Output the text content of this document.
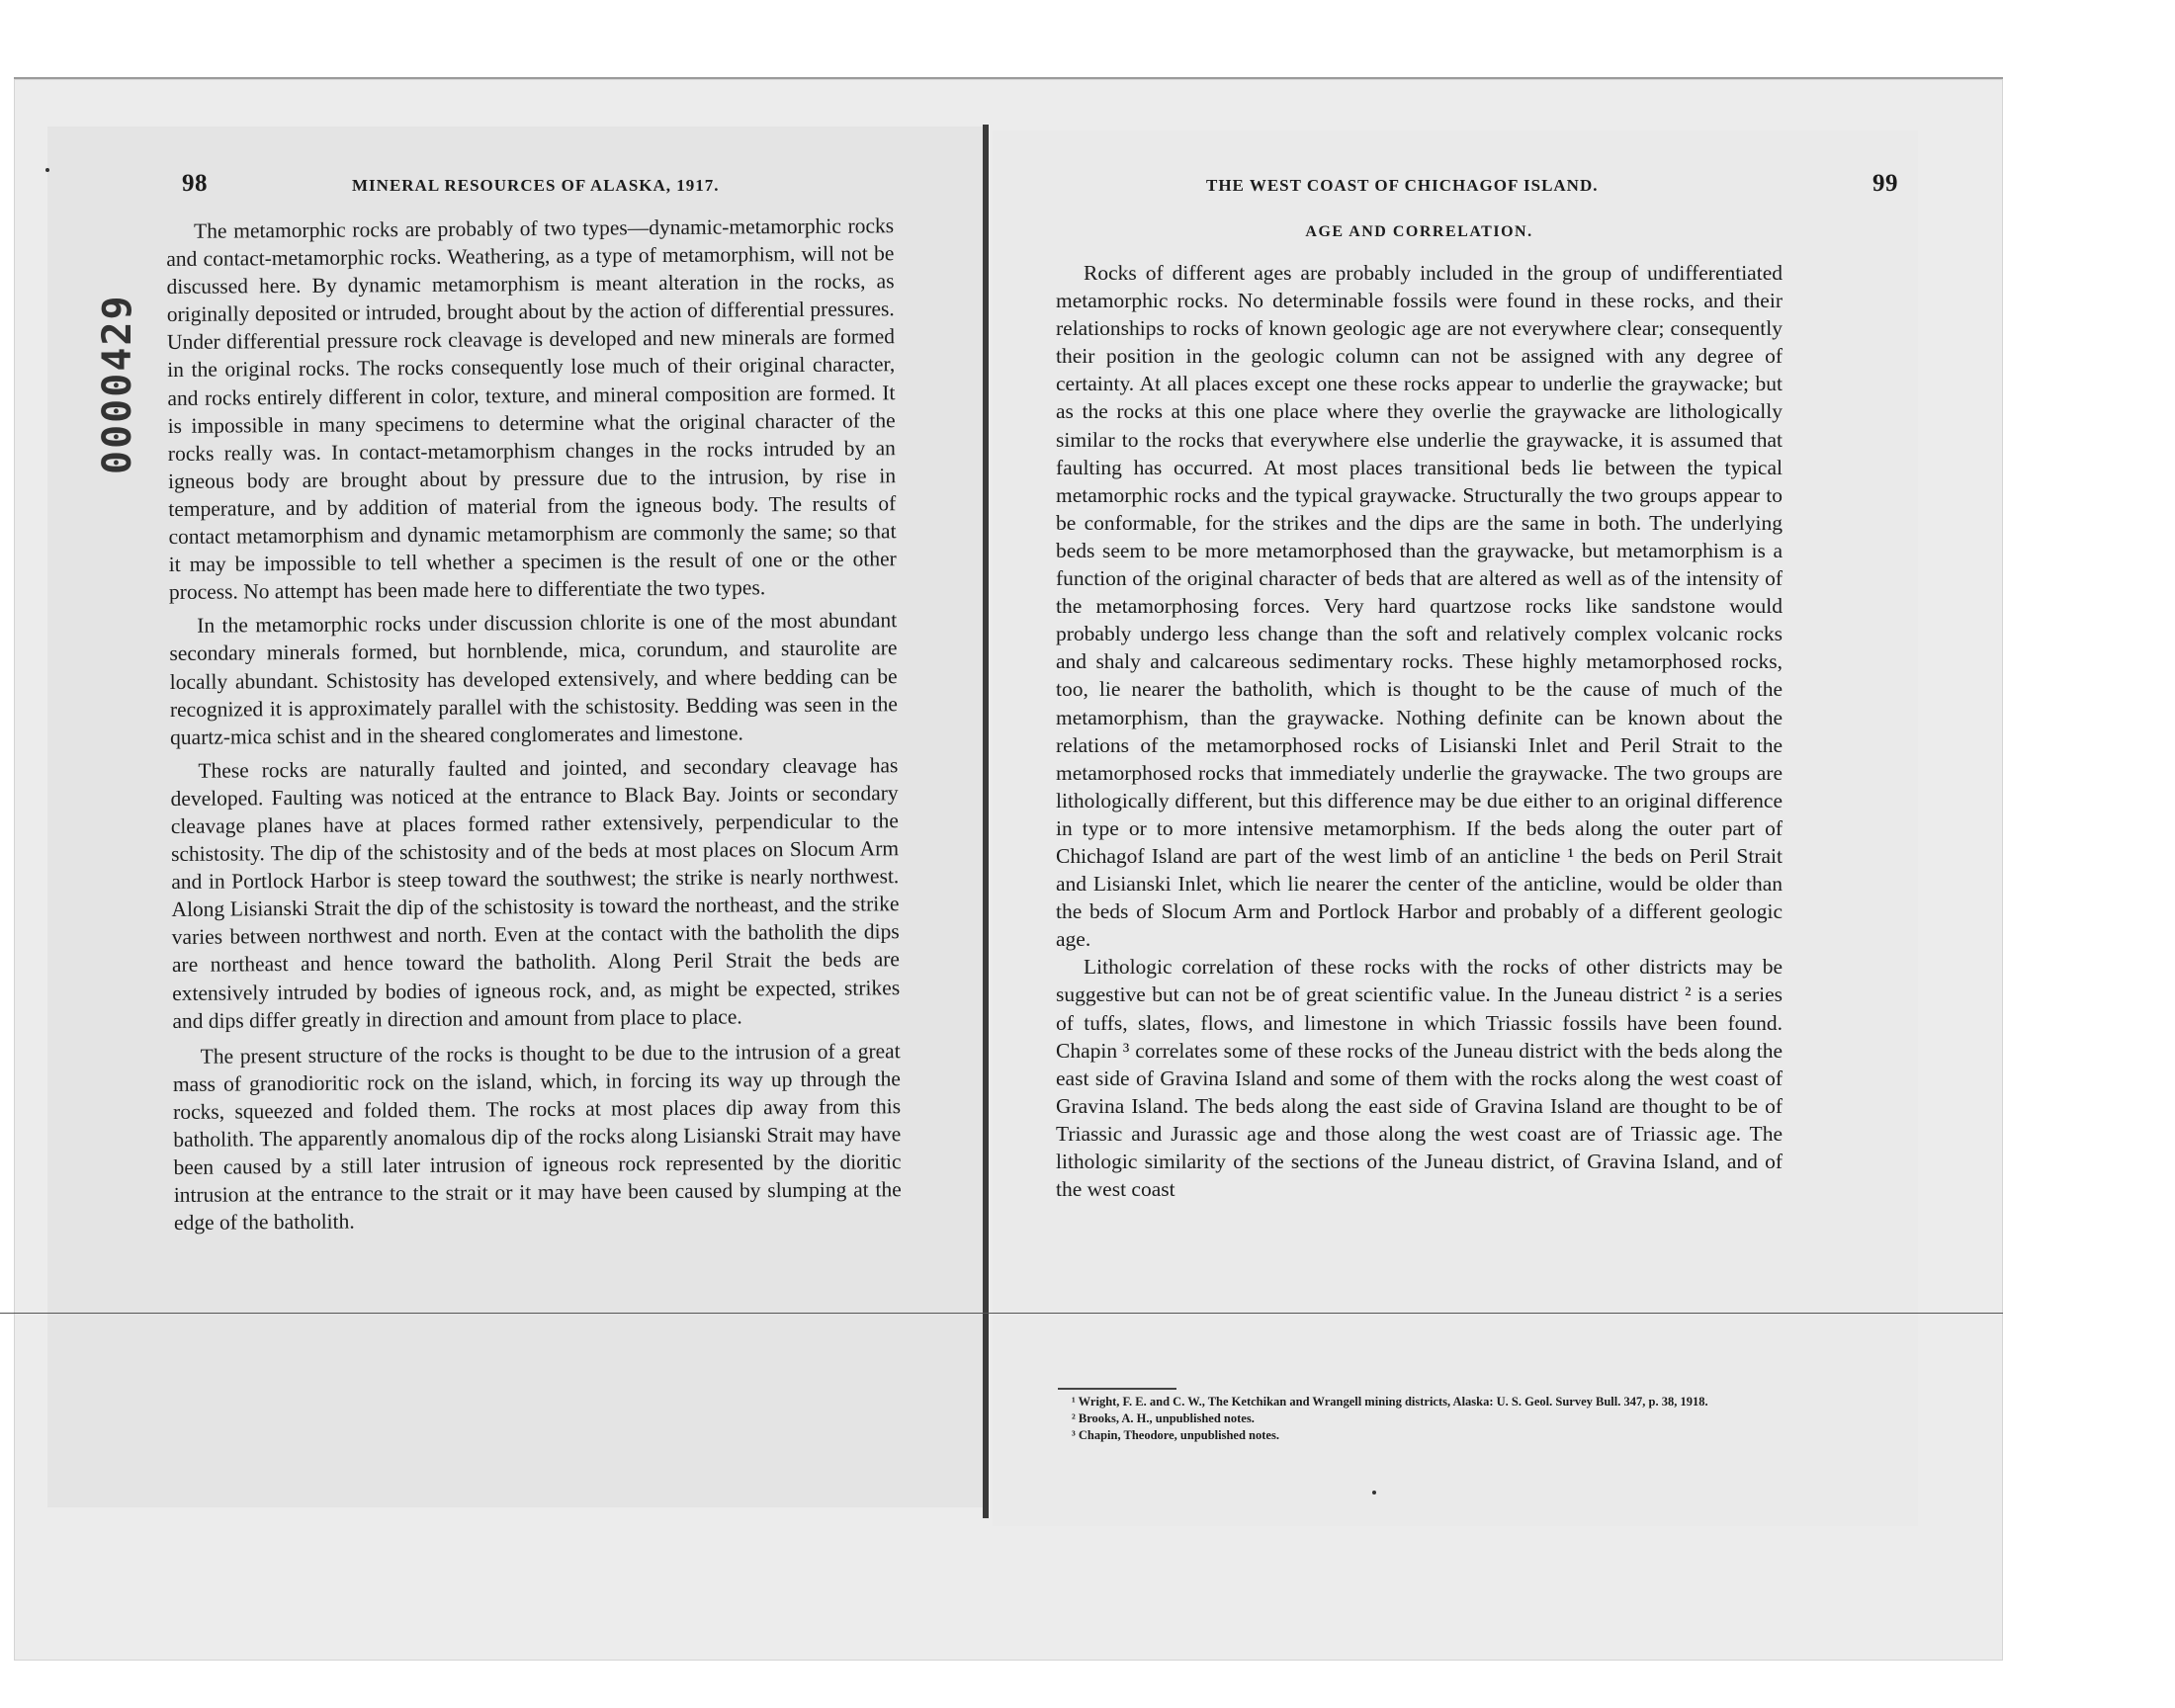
0000429
98	MINERAL RESOURCES OF ALASKA, 1917.	THE WEST COAST OF CHICHAGOF ISLAND.	99

The metamorphic rocks are probably of two types—dynamic-metamorphic rocks and contact-metamorphic rocks. Weathering, as a type of metamorphism, will not be discussed here. By dynamic metamorphism is meant alteration in the rocks, as originally deposited or intruded, brought about by the action of differential pressures. Under differential pressure rock cleavage is developed and new minerals are formed in the original rocks. The rocks consequently lose much of their original character, and rocks entirely different in color, texture, and mineral composition are formed. It is impossible in many specimens to determine what the original character of the rocks really was. In contact-metamorphism changes in the rocks intruded by an igneous body are brought about by pressure due to the intrusion, by rise in temperature, and by addition of material from the igneous body. The results of contact metamorphism and dynamic metamorphism are commonly the same; so that it may be impossible to tell whether a specimen is the result of one or the other process. No attempt has been made here to differentiate the two types.

In the metamorphic rocks under discussion chlorite is one of the most abundant secondary minerals formed, but hornblende, mica, corundum, and staurolite are locally abundant. Schistosity has developed extensively, and where bedding can be recognized it is approximately parallel with the schistosity. Bedding was seen in the quartz-mica schist and in the sheared conglomerates and limestone.

These rocks are naturally faulted and jointed, and secondary cleavage has developed. Faulting was noticed at the entrance to Black Bay. Joints or secondary cleavage planes have at places formed rather extensively, perpendicular to the schistosity. The dip of the schistosity and of the beds at most places on Slocum Arm and in Portlock Harbor is steep toward the southwest; the strike is nearly northwest. Along Lisianski Strait the dip of the schistosity is toward the northeast, and the strike varies between northwest and north. Even at the contact with the batholith the dips are northeast and hence toward the batholith. Along Peril Strait the beds are extensively intruded by bodies of igneous rock, and, as might be expected, strikes and dips differ greatly in direction and amount from place to place.

The present structure of the rocks is thought to be due to the intrusion of a great mass of granodioritic rock on the island, which, in forcing its way up through the rocks, squeezed and folded them. The rocks at most places dip away from this batholith. The apparently anomalous dip of the rocks along Lisianski Strait may have been caused by a still later intrusion of igneous rock represented by the dioritic intrusion at the entrance to the strait or it may have been caused by slumping at the edge of the batholith.

AGE AND CORRELATION.

Rocks of different ages are probably included in the group of undifferentiated metamorphic rocks. No determinable fossils were found in these rocks, and their relationships to rocks of known geologic age are not everywhere clear; consequently their position in the geologic column can not be assigned with any degree of certainty. At all places except one these rocks appear to underlie the graywacke; but as the rocks at this one place where they overlie the graywacke are lithologically similar to the rocks that everywhere else underlie the graywacke, it is assumed that faulting has occurred. At most places transitional beds lie between the typical metamorphic rocks and the typical graywacke. Structurally the two groups appear to be conformable, for the strikes and the dips are the same in both. The underlying beds seem to be more metamorphosed than the graywacke, but metamorphism is a function of the original character of beds that are altered as well as of the intensity of the metamorphosing forces. Very hard quartzose rocks like sandstone would probably undergo less change than the soft and relatively complex volcanic rocks and shaly and calcareous sedimentary rocks. These highly metamorphosed rocks, too, lie nearer the batholith, which is thought to be the cause of much of the metamorphism, than the graywacke. Nothing definite can be known about the relations of the metamorphosed rocks of Lisianski Inlet and Peril Strait to the metamorphosed rocks that immediately underlie the graywacke. The two groups are lithologically different, but this difference may be due either to an original difference in type or to more intensive metamorphism. If the beds along the outer part of Chichagof Island are part of the west limb of an anticline ¹ the beds on Peril Strait and Lisianski Inlet, which lie nearer the center of the anticline, would be older than the beds of Slocum Arm and Portlock Harbor and probably of a different geologic age.

Lithologic correlation of these rocks with the rocks of other districts may be suggestive but can not be of great scientific value. In the Juneau district ² is a series of tuffs, slates, flows, and limestone in which Triassic fossils have been found. Chapin ³ correlates some of these rocks of the Juneau district with the beds along the east side of Gravina Island and some of them with the rocks along the west coast of Gravina Island. The beds along the east side of Gravina Island are thought to be of Triassic and Jurassic age and those along the west coast are of Triassic age. The lithologic similarity of the sections of the Juneau district, of Gravina Island, and of the west coast

¹ Wright, F. E. and C. W., The Ketchikan and Wrangell mining districts, Alaska: U. S. Geol. Survey Bull. 347, p. 38, 1918.
² Brooks, A. H., unpublished notes.
³ Chapin, Theodore, unpublished notes.
